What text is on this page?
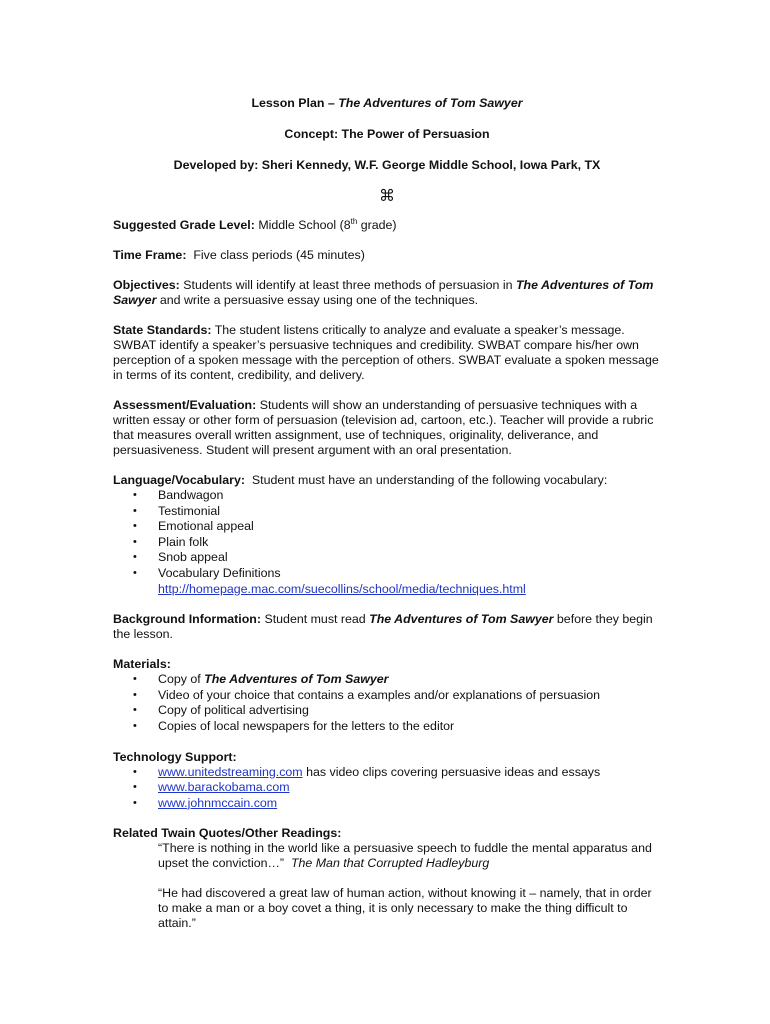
Lesson Plan – The Adventures of Tom Sawyer
Concept: The Power of Persuasion
Developed by: Sheri Kennedy, W.F. George Middle School, Iowa Park, TX
⌘

Suggested Grade Level: Middle School (8th grade)

Time Frame: Five class periods (45 minutes)

Objectives: Students will identify at least three methods of persuasion in The Adventures of Tom Sawyer and write a persuasive essay using one of the techniques.

State Standards: The student listens critically to analyze and evaluate a speaker’s message. SWBAT identify a speaker’s persuasive techniques and credibility. SWBAT compare his/her own perception of a spoken message with the perception of others. SWBAT evaluate a spoken message in terms of its content, credibility, and delivery.

Assessment/Evaluation: Students will show an understanding of persuasive techniques with a written essay or other form of persuasion (television ad, cartoon, etc.). Teacher will provide a rubric that measures overall written assignment, use of techniques, originality, deliverance, and persuasiveness. Student will present argument with an oral presentation.

Language/Vocabulary: Student must have an understanding of the following vocabulary:
• Bandwagon
• Testimonial
• Emotional appeal
• Plain folk
• Snob appeal
• Vocabulary Definitions
http://homepage.mac.com/suecollins/school/media/techniques.html

Background Information: Student must read The Adventures of Tom Sawyer before they begin the lesson.

Materials:
• Copy of The Adventures of Tom Sawyer
• Video of your choice that contains a examples and/or explanations of persuasion
• Copy of political advertising
• Copies of local newspapers for the letters to the editor
Technology Support:
• www.unitedstreaming.com has video clips covering persuasive ideas and essays
• www.barackobama.com
• www.johnmccain.com
Related Twain Quotes/Other Readings:
“There is nothing in the world like a persuasive speech to fuddle the mental apparatus and upset the conviction…” The Man that Corrupted Hadleyburg
“He had discovered a great law of human action, without knowing it – namely, that in order to make a man or a boy covet a thing, it is only necessary to make the thing difficult to attain.”
